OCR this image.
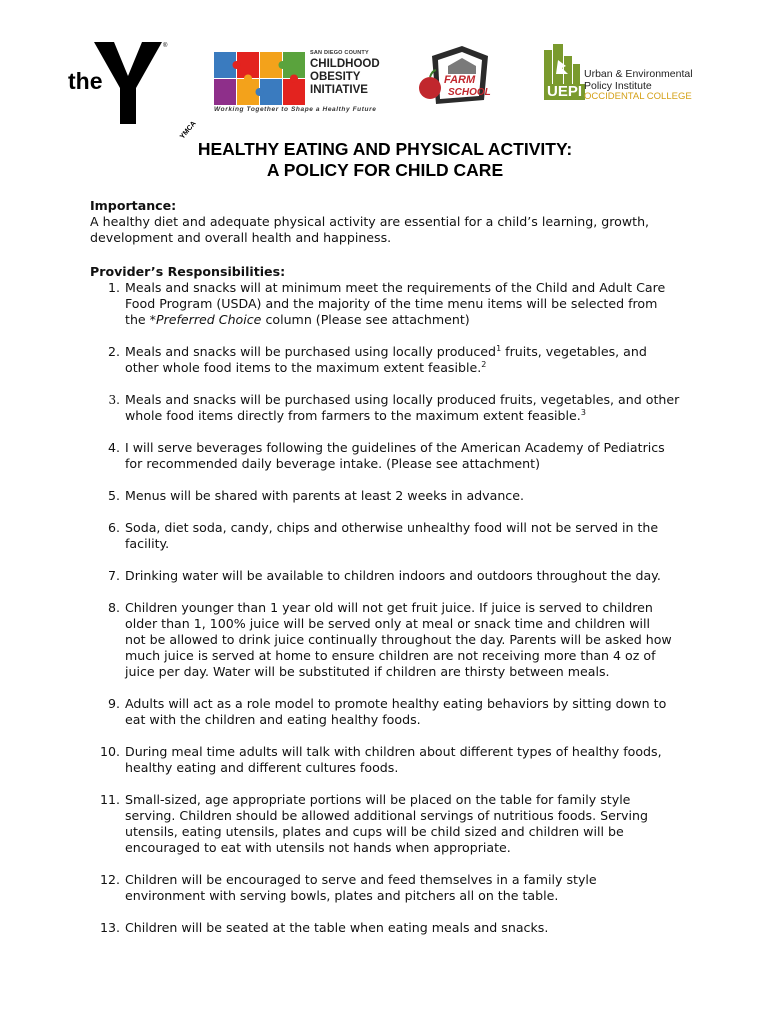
the
®
YMCA
SAN DIEGO COUNTY
CHILDHOOD
OBESITY
INITIATIVE
Working Together to Shape a Healthy Future
FARM
SCHOOL	UEPI
Urban & Environmental
Policy Institute
OCCIDENTAL COLLEGE
HEALTHY EATING AND PHYSICAL ACTIVITY:
A POLICY FOR CHILD CARE
Importance:
A healthy diet and adequate physical activity are essential for a child’s learning, growth,
development and overall health and happiness.
Provider’s Responsibilities:
1. Meals and snacks will at minimum meet the requirements of the Child and Adult Care
Food Program (USDA) and the majority of the time menu items will be selected from
the *Preferred Choice column (Please see attachment)
2. Meals and snacks will be purchased using locally produced$^1$ fruits, vegetables, and
other whole food items to the maximum extent feasible.$^2$
3. Meals and snacks will be purchased using locally produced fruits, vegetables, and other
whole food items directly from farmers to the maximum extent feasible.$^3$
4. I will serve beverages following the guidelines of the American Academy of Pediatrics
for recommended daily beverage intake. (Please see attachment)
5. Menus will be shared with parents at least 2 weeks in advance.
6. Soda, diet soda, candy, chips and otherwise unhealthy food will not be served in the
facility.
7. Drinking water will be available to children indoors and outdoors throughout the day.
8. Children younger than 1 year old will not get fruit juice. If juice is served to children
older than 1, 100% juice will be served only at meal or snack time and children will
not be allowed to drink juice continually throughout the day. Parents will be asked how
much juice is served at home to ensure children are not receiving more than 4 oz of
juice per day. Water will be substituted if children are thirsty between meals.
9. Adults will act as a role model to promote healthy eating behaviors by sitting down to
eat with the children and eating healthy foods.
10. During meal time adults will talk with children about different types of healthy foods,
healthy eating and different cultures foods.
11. Small-sized, age appropriate portions will be placed on the table for family style
serving. Children should be allowed additional servings of nutritious foods. Serving
utensils, eating utensils, plates and cups will be child sized and children will be
encouraged to eat with utensils not hands when appropriate.
12. Children will be encouraged to serve and feed themselves in a family style
environment with serving bowls, plates and pitchers all on the table.
13. Children will be seated at the table when eating meals and snacks.
